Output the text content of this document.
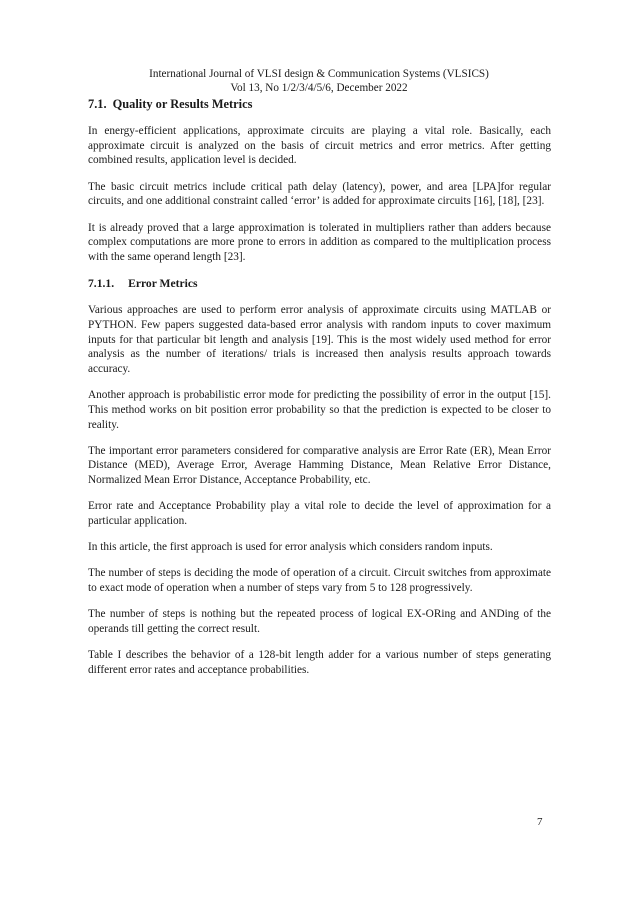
International Journal of VLSI design & Communication Systems (VLSICS)
Vol 13, No 1/2/3/4/5/6, December 2022
7.1. Quality or Results Metrics

In energy-efficient applications, approximate circuits are playing a vital role. Basically, each approximate circuit is analyzed on the basis of circuit metrics and error metrics. After getting combined results, application level is decided.

The basic circuit metrics include critical path delay (latency), power, and area [LPA]for regular circuits, and one additional constraint called ‘error’ is added for approximate circuits [16], [18], [23].

It is already proved that a large approximation is tolerated in multipliers rather than adders because complex computations are more prone to errors in addition as compared to the multiplication process with the same operand length [23].

7.1.1. Error Metrics

Various approaches are used to perform error analysis of approximate circuits using MATLAB or PYTHON. Few papers suggested data-based error analysis with random inputs to cover maximum inputs for that particular bit length and analysis [19]. This is the most widely used method for error analysis as the number of iterations/ trials is increased then analysis results approach towards accuracy.

Another approach is probabilistic error mode for predicting the possibility of error in the output [15]. This method works on bit position error probability so that the prediction is expected to be closer to reality.

The important error parameters considered for comparative analysis are Error Rate (ER), Mean Error Distance (MED), Average Error, Average Hamming Distance, Mean Relative Error Distance, Normalized Mean Error Distance, Acceptance Probability, etc.

Error rate and Acceptance Probability play a vital role to decide the level of approximation for a particular application.

In this article, the first approach is used for error analysis which considers random inputs.

The number of steps is deciding the mode of operation of a circuit. Circuit switches from approximate to exact mode of operation when a number of steps vary from 5 to 128 progressively.

The number of steps is nothing but the repeated process of logical EX-ORing and ANDing of the operands till getting the correct result.

Table I describes the behavior of a 128-bit length adder for a various number of steps generating different error rates and acceptance probabilities.

7
